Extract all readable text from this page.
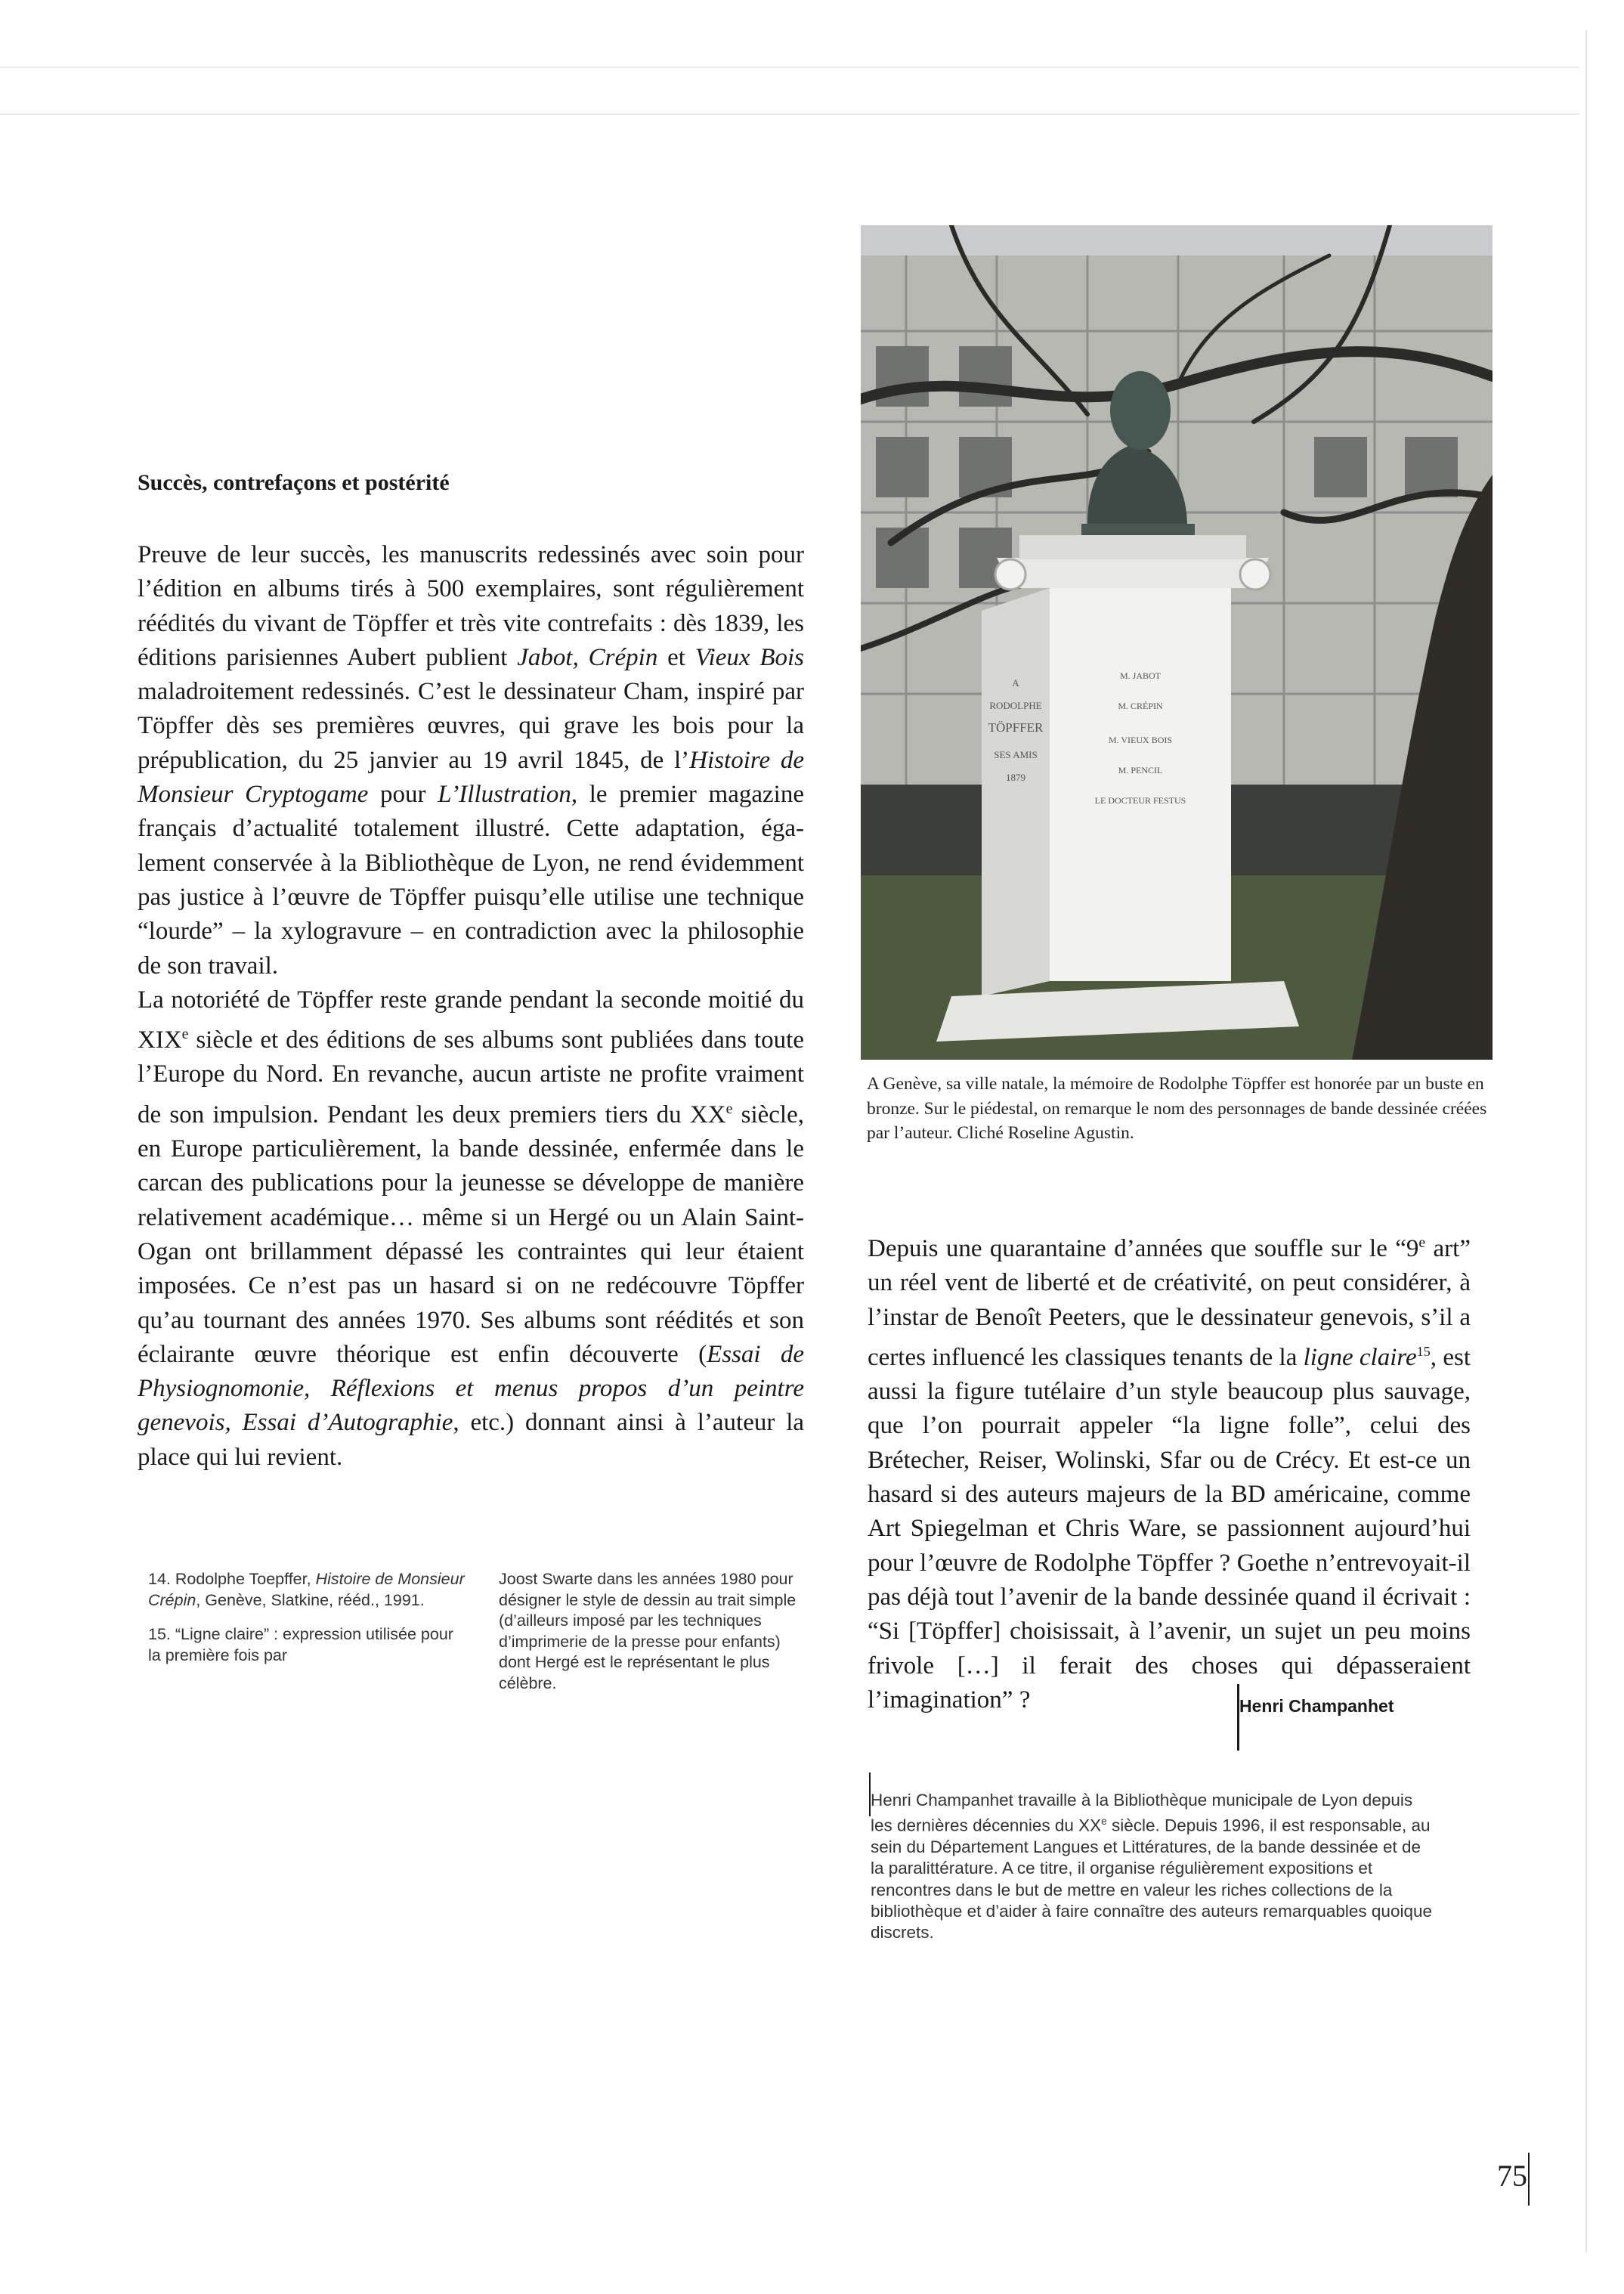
Succès, contrefaçons et postérité

Preuve de leur succès, les manuscrits redessinés avec soin pour l’édition en albums tirés à 500 exemplaires, sont régulièrement réédités du vivant de Töpffer et très vite contrefaits : dès 1839, les éditions parisiennes Aubert publient Jabot, Crépin et Vieux Bois maladroitement redessinés. C’est le dessinateur Cham, inspiré par Töpffer dès ses premières œuvres, qui grave les bois pour la prépublication, du 25 janvier au 19 avril 1845, de l’Histoire de Monsieur Cryptogame pour L’Illustration, le premier magazine français d’actualité totalement illustré. Cette adaptation, également conservée à la Bibliothèque de Lyon, ne rend évidemment pas justice à l’œuvre de Töpffer puisqu’elle utilise une technique “lourde” – la xylogravure – en contradiction avec la philosophie de son travail.

La notoriété de Töpffer reste grande pendant la seconde moitié du XIXe siècle et des éditions de ses albums sont publiées dans toute l’Europe du Nord. En revanche, aucun artiste ne profite vraiment de son impulsion. Pendant les deux premiers tiers du XXe siècle, en Europe particulièrement, la bande dessinée, enfermée dans le carcan des publications pour la jeunesse se développe de manière relativement académique… même si un Hergé ou un Alain Saint-Ogan ont brillamment dépassé les contraintes qui leur étaient imposées. Ce n’est pas un hasard si on ne redécouvre Töpffer qu’au tournant des années 1970. Ses albums sont réédités et son éclairante œuvre théorique est enfin découverte (Essai de Physiognomonie, Réflexions et menus propos d’un peintre genevois, Essai d’Autographie, etc.) donnant ainsi à l’auteur la place qui lui revient.

14. Rodolphe Toepffer, Histoire de Monsieur Crépin, Genève, Slatkine, rééd., 1991.

15. “Ligne claire” : expression utilisée pour la première fois par

Joost Swarte dans les années 1980 pour désigner le style de dessin au trait simple (d’ailleurs imposé par les techniques d’imprimerie de la presse pour enfants) dont Hergé est le représentant le plus célèbre.

A
RODOLPHE
TÖPFFER
SES AMIS
1879
M. JABOT
M. CRÉPIN
M. VIEUX BOIS
M. PENCIL
LE DOCTEUR FESTUS

A Genève, sa ville natale, la mémoire de Rodolphe Töpffer est honorée par un buste en bronze. Sur le piédestal, on remarque le nom des personnages de bande dessinée créées par l’auteur. Cliché Roseline Agustin.

Depuis une quarantaine d’années que souffle sur le “9e art” un réel vent de liberté et de créativité, on peut considérer, à l’instar de Benoît Peeters, que le dessinateur genevois, s’il a certes influencé les classiques tenants de la ligne claire$^{15}$, est aussi la figure tutélaire d’un style beaucoup plus sauvage, que l’on pourrait appeler “la ligne folle”, celui des Brétecher, Reiser, Wolinski, Sfar ou de Crécy. Et est-ce un hasard si des auteurs majeurs de la BD américaine, comme Art Spiegelman et Chris Ware, se passionnent aujourd’hui pour l’œuvre de Rodolphe Töpffer ? Goethe n’entrevoyait-il pas déjà tout l’avenir de la bande dessinée quand il écrivait : “Si [Töpffer] choisissait, à l’avenir, un sujet un peu moins frivole […] il ferait des choses qui dépasseraient l’imagination” ?	Henri Champanhet

Henri Champanhet travaille à la Bibliothèque municipale de Lyon depuis les dernières décennies du XXe siècle. Depuis 1996, il est responsable, au sein du Département Langues et Littératures, de la bande dessinée et de la paralittérature. A ce titre, il organise régulièrement expositions et rencontres dans le but de mettre en valeur les riches collections de la bibliothèque et d’aider à faire connaître des auteurs remarquables quoique discrets.

75
